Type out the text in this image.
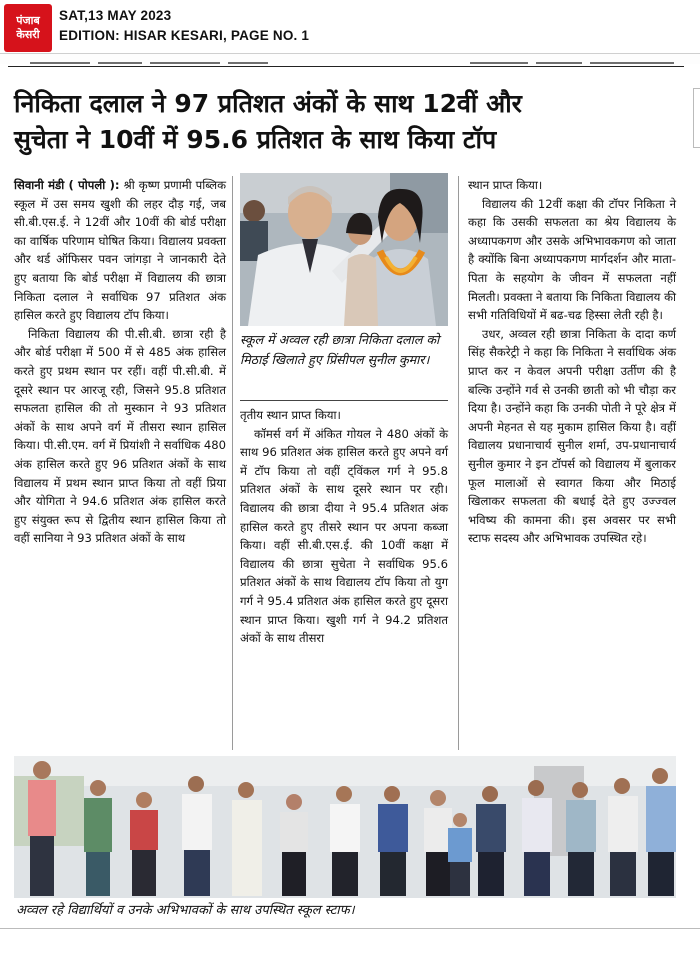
पंजाब
केसरी
SAT,13 MAY 2023
EDITION: HISAR KESARI, PAGE NO. 1
निकिता दलाल ने 97 प्रतिशत अंकों के साथ 12वीं और
सुचेता ने 10वीं में 95.6 प्रतिशत के साथ किया टॉप

सिवानी मंडी ( पोपली ): श्री कृष्ण प्रणामी पब्लिक स्कूल में उस समय खुशी की लहर दौड़ गई, जब सी.बी.एस.ई. ने 12वीं और 10वीं की बोर्ड परीक्षा का वार्षिक परिणाम घोषित किया। विद्यालय प्रवक्ता और थर्ड ऑफिसर पवन जांगड़ा ने जानकारी देते हुए बताया कि बोर्ड परीक्षा में विद्यालय की छात्रा निकिता दलाल ने सर्वाधिक 97 प्रतिशत अंक हासिल करते हुए विद्यालय टॉप किया।

निकिता विद्यालय की पी.सी.बी. छात्रा रही है और बोर्ड परीक्षा में 500 में से 485 अंक हासिल करते हुए प्रथम स्थान पर रहीं। वहीं पी.सी.बी. में दूसरे स्थान पर आरजू रही, जिसने 95.8 प्रतिशत सफलता हासिल की तो मुस्कान ने 93 प्रतिशत अंकों के साथ अपने वर्ग में तीसरा स्थान हासिल किया। पी.सी.एम. वर्ग में प्रियांशी ने सर्वाधिक 480 अंक हासिल करते हुए 96 प्रतिशत अंकों के साथ विद्यालय में प्रथम स्थान प्राप्त किया तो वहीं प्रिया और योगिता ने 94.6 प्रतिशत अंक हासिल करते हुए संयुक्त रूप से द्वितीय स्थान हासिल किया तो वहीं सानिया ने 93 प्रतिशत अंकों के साथ

स्कूल में अव्वल रही छात्रा निकिता दलाल को मिठाई खिलाते हुए प्रिंसीपल सुनील कुमार।

तृतीय स्थान प्राप्त किया।

कॉमर्स वर्ग में अंकित गोयल ने 480 अंकों के साथ 96 प्रतिशत अंक हासिल करते हुए अपने वर्ग में टॉप किया तो वहीं ट्विंकल गर्ग ने 95.8 प्रतिशत अंकों के साथ दूसरे स्थान पर रही। विद्यालय की छात्रा दीया ने 95.4 प्रतिशत अंक हासिल करते हुए तीसरे स्थान पर अपना कब्जा किया। वहीं सी.बी.एस.ई. की 10वीं कक्षा में विद्यालय की छात्रा सुचेता ने सर्वाधिक 95.6 प्रतिशत अंकों के साथ विद्यालय टॉप किया तो युग गर्ग ने 95.4 प्रतिशत अंक हासिल करते हुए दूसरा स्थान प्राप्त किया। खुशी गर्ग ने 94.2 प्रतिशत अंकों के साथ तीसरा

स्थान प्राप्त किया।

विद्यालय की 12वीं कक्षा की टॉपर निकिता ने कहा कि उसकी सफलता का श्रेय विद्यालय के अध्यापकगण और उसके अभिभावकगण को जाता है क्योंकि बिना अध्यापकगण मार्गदर्शन और माता-पिता के सहयोग के जीवन में सफलता नहीं मिलती। प्रवक्ता ने बताया कि निकिता विद्यालय की सभी गतिविधियों में बढ-चढ हिस्सा लेती रही है।

उधर, अव्वल रही छात्रा निकिता के दादा कर्ण सिंह सैकरेट्री ने कहा कि निकिता ने सर्वाधिक अंक प्राप्त कर न केवल अपनी परीक्षा उर्तीण की है बल्कि उन्होंने गर्व से उनकी छाती को भी चौड़ा कर दिया है। उन्होंने कहा कि उनकी पोती ने पूरे क्षेत्र में अपनी मेहनत से यह मुकाम हासिल किया है। वहीं विद्यालय प्रधानाचार्य सुनील शर्मा, उप-प्रधानाचार्य सुनील कुमार ने इन टॉपर्स को विद्यालय में बुलाकर फूल मालाओं से स्वागत किया और मिठाई खिलाकर सफलता की बधाई देते हुए उज्ज्वल भविष्य की कामना की। इस अवसर पर सभी स्टाफ सदस्य और अभिभावक उपस्थित रहे।

अव्वल रहे विद्यार्थियों व उनके अभिभावकों के साथ उपस्थित स्कूल स्टाफ।
